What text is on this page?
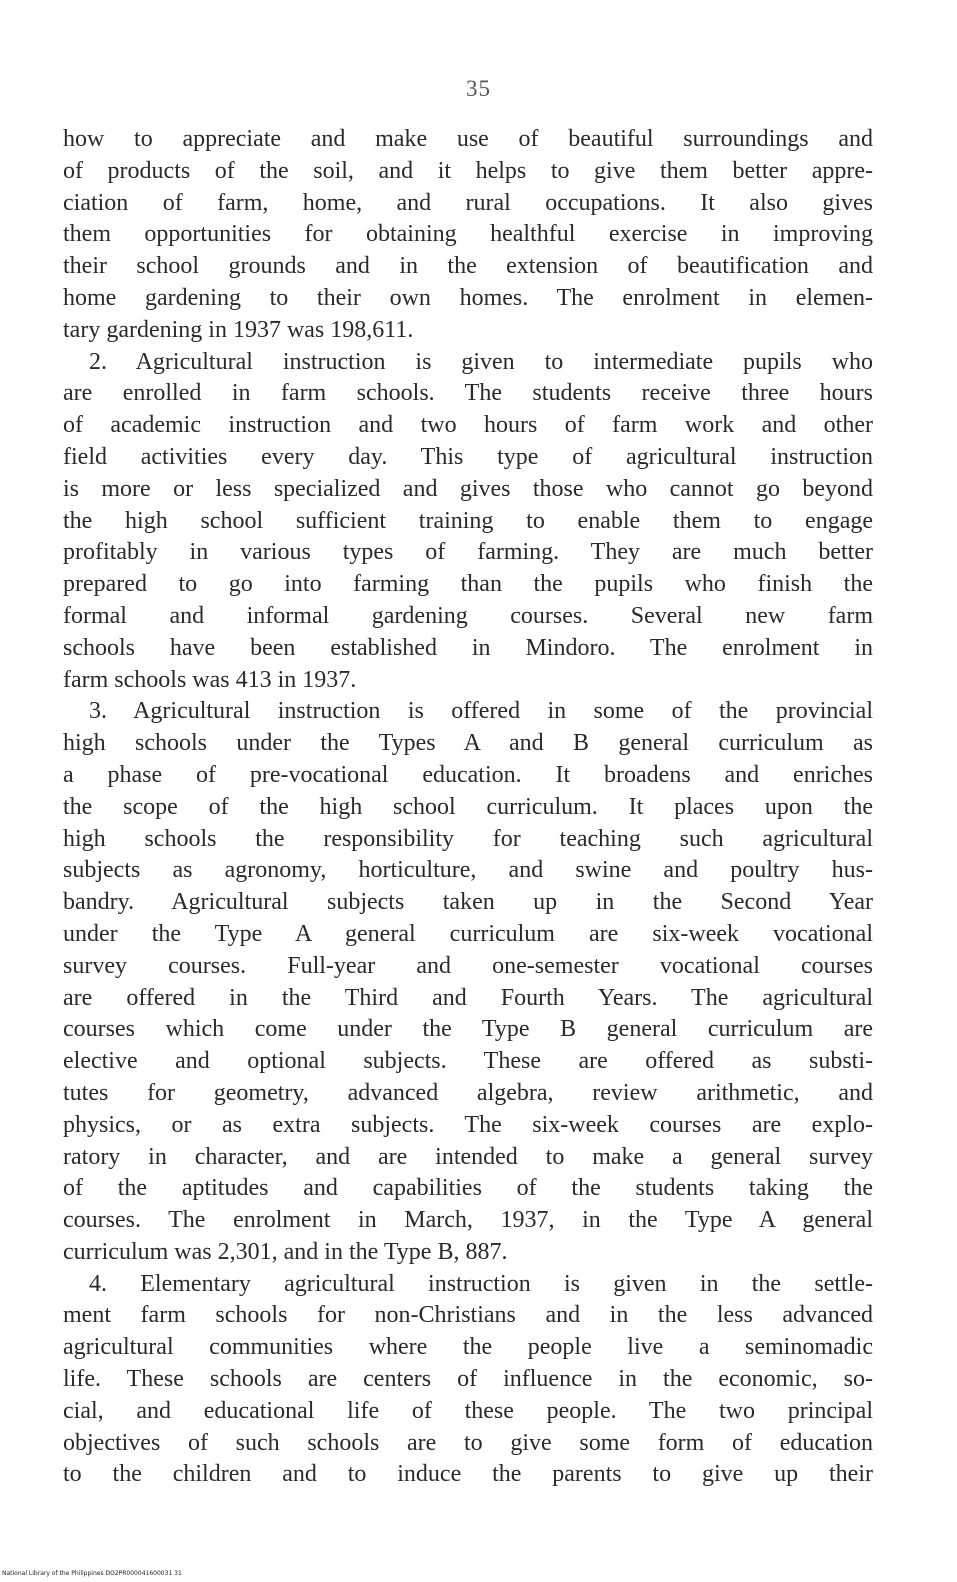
35
how to appreciate and make use of beautiful surroundings and
of products of the soil, and it helps to give them better appre-
ciation of farm, home, and rural occupations. It also gives
them opportunities for obtaining healthful exercise in improving
their school grounds and in the extension of beautification and
home gardening to their own homes. The enrolment in elemen-
tary gardening in 1937 was 198,611.
2. Agricultural instruction is given to intermediate pupils who
are enrolled in farm schools. The students receive three hours
of academic instruction and two hours of farm work and other
field activities every day. This type of agricultural instruction
is more or less specialized and gives those who cannot go beyond
the high school sufficient training to enable them to engage
profitably in various types of farming. They are much better
prepared to go into farming than the pupils who finish the
formal and informal gardening courses. Several new farm
schools have been established in Mindoro. The enrolment in
farm schools was 413 in 1937.
3. Agricultural instruction is offered in some of the provincial
high schools under the Types A and B general curriculum as
a phase of pre-vocational education. It broadens and enriches
the scope of the high school curriculum. It places upon the
high schools the responsibility for teaching such agricultural
subjects as agronomy, horticulture, and swine and poultry hus-
bandry. Agricultural subjects taken up in the Second Year
under the Type A general curriculum are six-week vocational
survey courses. Full-year and one-semester vocational courses
are offered in the Third and Fourth Years. The agricultural
courses which come under the Type B general curriculum are
elective and optional subjects. These are offered as substi-
tutes for geometry, advanced algebra, review arithmetic, and
physics, or as extra subjects. The six-week courses are explo-
ratory in character, and are intended to make a general survey
of the aptitudes and capabilities of the students taking the
courses. The enrolment in March, 1937, in the Type A general
curriculum was 2,301, and in the Type B, 887.
4. Elementary agricultural instruction is given in the settle-
ment farm schools for non-Christians and in the less advanced
agricultural communities where the people live a seminomadic
life. These schools are centers of influence in the economic, so-
cial, and educational life of these people. The two principal
objectives of such schools are to give some form of education
to the children and to induce the parents to give up their
National Library of the Philippines DO2PR000041600031 31
